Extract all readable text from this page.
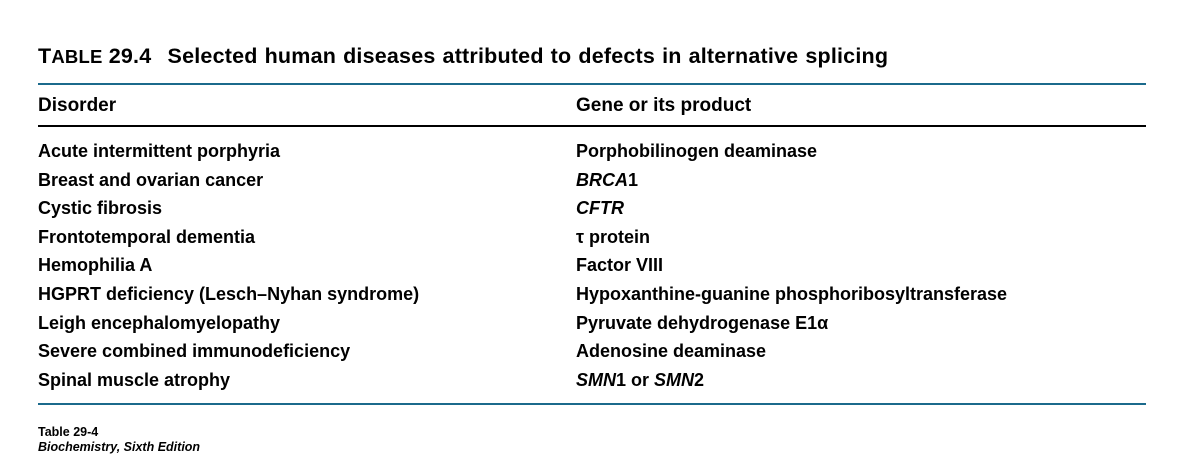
TABLE 29.4 Selected human diseases attributed to defects in alternative splicing
Disorder	Gene or its product
Acute intermittent porphyria	Porphobilinogen deaminase
Breast and ovarian cancer	BRCA1
Cystic fibrosis	CFTR
Frontotemporal dementia	τ protein
Hemophilia A	Factor VIII
HGPRT deficiency (Lesch–Nyhan syndrome)	Hypoxanthine-guanine phosphoribosyltransferase
Leigh encephalomyelopathy	Pyruvate dehydrogenase E1α
Severe combined immunodeficiency	Adenosine deaminase
Spinal muscle atrophy	SMN1 or SMN2
Table 29-4
Biochemistry, Sixth Edition
